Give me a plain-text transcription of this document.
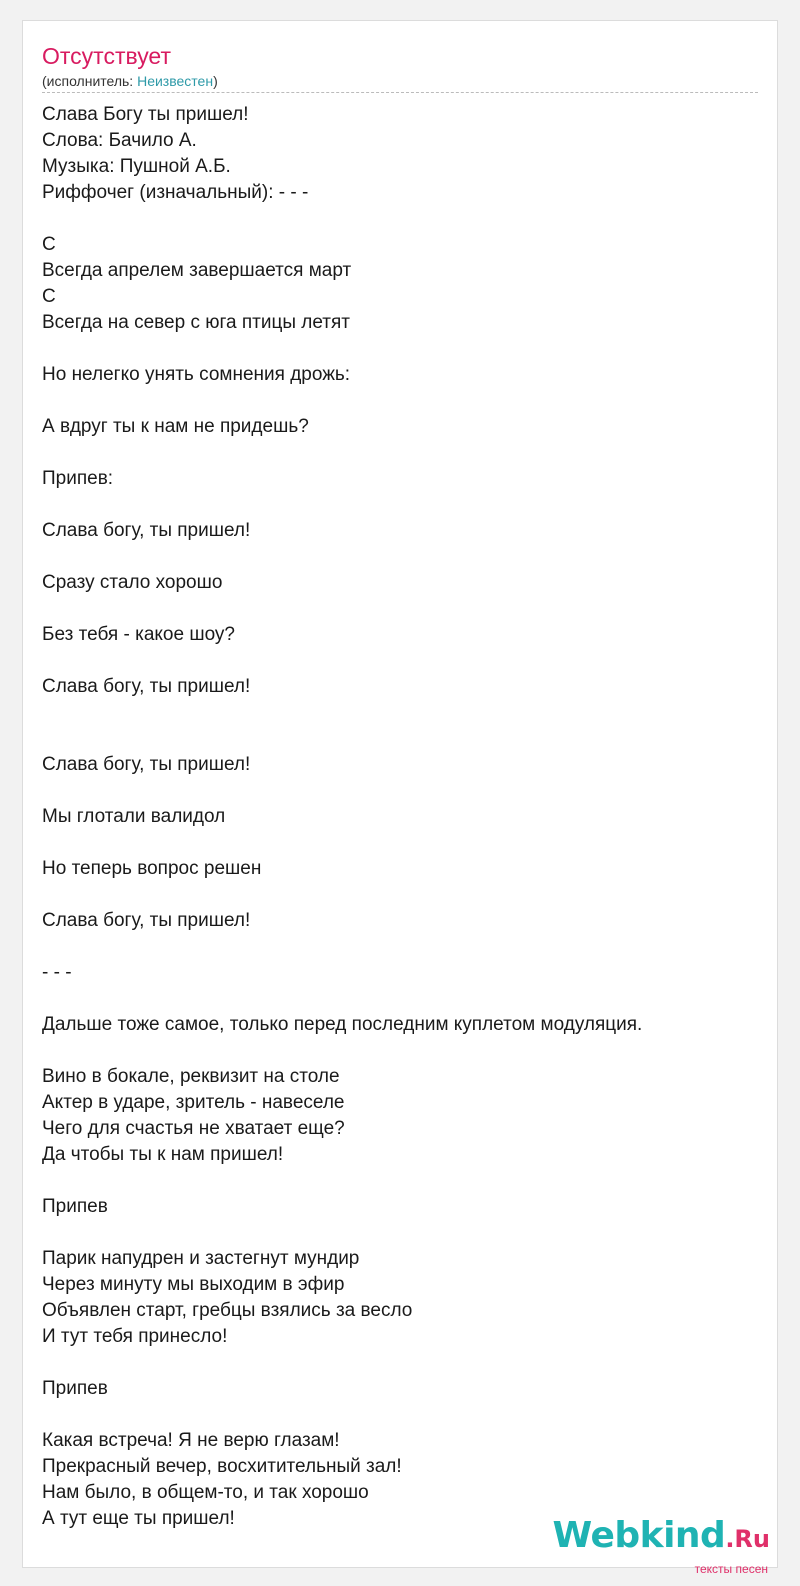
Отсутствует
(исполнитель: Неизвестен)
Слава Богу ты пришел!
Слова: Бачило А.
Музыка: Пушной А.Б.
Риффочег (изначальный): - - -
C
Всегда апрелем завершается март
C
Всегда на север с юга птицы летят
Но нелегко унять сомнения дрожь:
А вдруг ты к нам не придешь?
Припев:
Слава богу, ты пришел!
Сразу стало хорошо
Без тебя - какое шоу?
Слава богу, ты пришел!
Слава богу, ты пришел!
Мы глотали валидол
Но теперь вопрос решен
Слава богу, ты пришел!
- - -
Дальше тоже самое, только перед последним куплетом модуляция.
Вино в бокале, реквизит на столе
Актер в ударе, зритель - навеселе
Чего для счастья не хватает еще?
Да чтобы ты к нам пришел!
Припев
Парик напудрен и застегнут мундир
Через минуту мы выходим в эфир
Объявлен старт, гребцы взялись за весло
И тут тебя принесло!
Припев
Какая встреча! Я не верю глазам!
Прекрасный вечер, восхитительный зал!
Нам было, в общем-то, и так хорошо
А тут еще ты пришел!	Webkind.Ru
тексты песен
